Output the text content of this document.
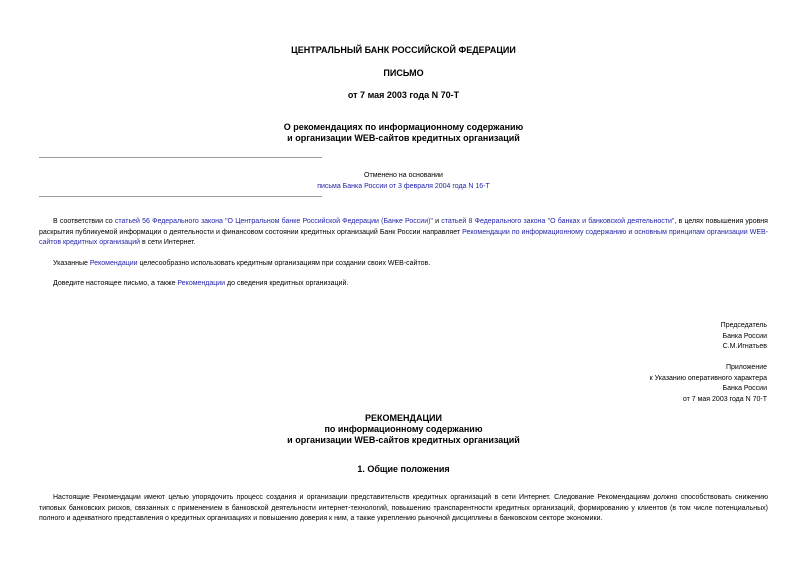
ЦЕНТРАЛЬНЫЙ БАНК РОССИЙСКОЙ ФЕДЕРАЦИИ
ПИСЬМО
от 7 мая 2003 года N 70-Т
О рекомендациях по информационному содержанию
и организации WEB-сайтов кредитных организаций
Отменено на основании
письма Банка России от 3 февраля 2004 года N 16-Т
В соответствии со статьей 56 Федерального закона "О Центральном банке Российской Федерации (Банке России)" и статьей 8 Федерального закона "О банках и банковской деятельности", в целях повышения уровня раскрытия публикуемой информации о деятельности и финансовом состоянии кредитных организаций Банк России направляет Рекомендации по информационному содержанию и основным принципам организации WEB-сайтов кредитных организаций в сети Интернет.
Указанные Рекомендации целесообразно использовать кредитным организациям при создании своих WEB-сайтов.
Доведите настоящее письмо, а также Рекомендации до сведения кредитных организаций.
Председатель
Банка России
С.М.Игнатьев
Приложение
к Указанию оперативного характера
Банка России
от 7 мая 2003 года N 70-Т
РЕКОМЕНДАЦИИ
по информационному содержанию
и организации WEB-сайтов кредитных организаций
1. Общие положения
Настоящие Рекомендации имеют целью упорядочить процесс создания и организации представительств кредитных организаций в сети Интернет. Следование Рекомендациям должно способствовать снижению типовых банковских рисков, связанных с применением в банковской деятельности интернет-технологий, повышению транспарентности кредитных организаций, формированию у клиентов (в том числе потенциальных) полного и адекватного представления о кредитных организациях и повышению доверия к ним, а также укреплению рыночной дисциплины в банковском секторе экономики.
